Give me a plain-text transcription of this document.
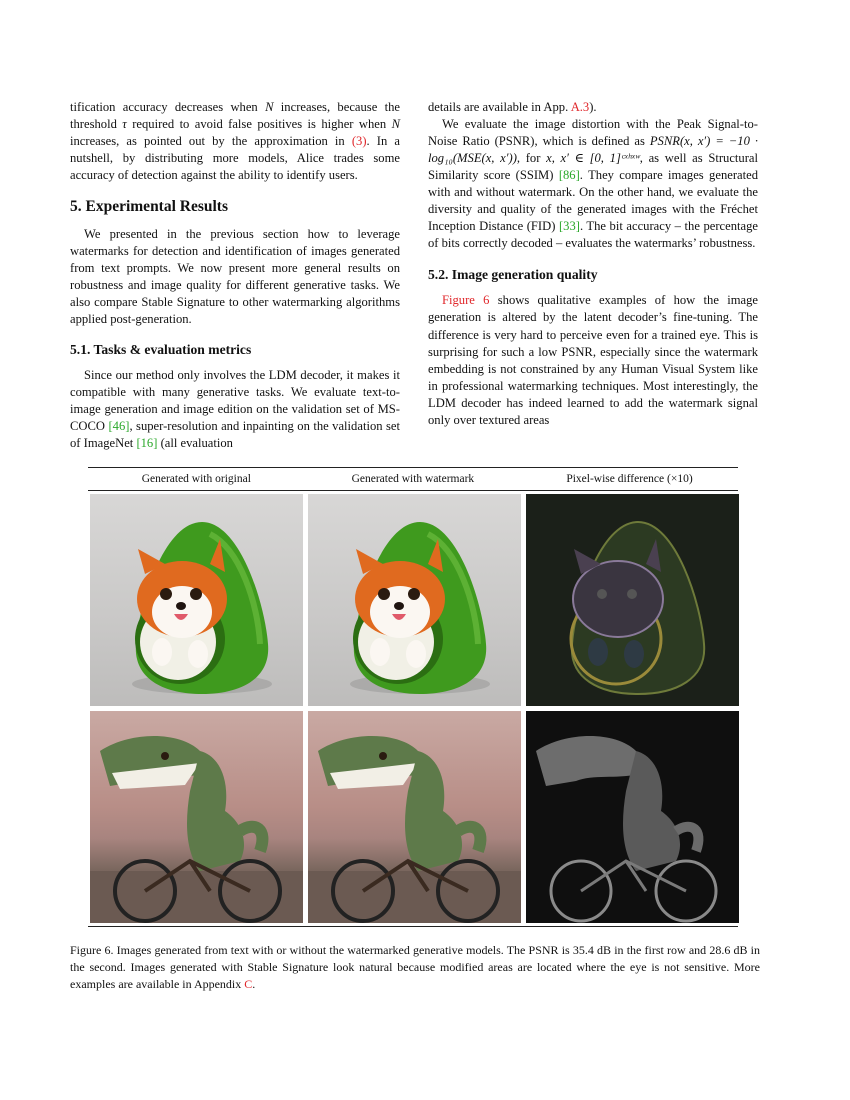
tification accuracy decreases when N increases, because the threshold τ required to avoid false positives is higher when N increases, as pointed out by the approximation in (3). In a nutshell, by distributing more models, Alice trades some accuracy of detection against the ability to identify users.

5. Experimental Results

We presented in the previous section how to leverage watermarks for detection and identification of images generated from text prompts. We now present more general results on robustness and image quality for different generative tasks. We also compare Stable Signature to other watermarking algorithms applied post-generation.

5.1. Tasks & evaluation metrics

Since our method only involves the LDM decoder, it makes it compatible with many generative tasks. We evaluate text-to-image generation and image edition on the validation set of MS-COCO [46], super-resolution and inpainting on the validation set of ImageNet [16] (all evaluation

details are available in App. A.3).

We evaluate the image distortion with the Peak Signal-to-Noise Ratio (PSNR), which is defined as PSNR(x, x′) = −10 · log₁₀(MSE(x, x′)), for x, x′ ∈ [0, 1]ᶜˣʰˣʷ, as well as Structural Similarity score (SSIM) [86]. They compare images generated with and without watermark. On the other hand, we evaluate the diversity and quality of the generated images with the Fréchet Inception Distance (FID) [33]. The bit accuracy – the percentage of bits correctly decoded – evaluates the watermarks’ robustness.

5.2. Image generation quality

Figure 6 shows qualitative examples of how the image generation is altered by the latent decoder’s fine-tuning. The difference is very hard to perceive even for a trained eye. This is surprising for such a low PSNR, especially since the watermark embedding is not constrained by any Human Visual System like in professional watermarking techniques. Most interestingly, the LDM decoder has indeed learned to add the watermark signal only over textured areas

Generated with original	Generated with watermark	Pixel-wise difference (×10)
Figure 6. Images generated from text with or without the watermarked generative models. The PSNR is 35.4 dB in the first row and 28.6 dB in the second. Images generated with Stable Signature look natural because modified areas are located where the eye is not sensitive. More examples are available in Appendix C.
